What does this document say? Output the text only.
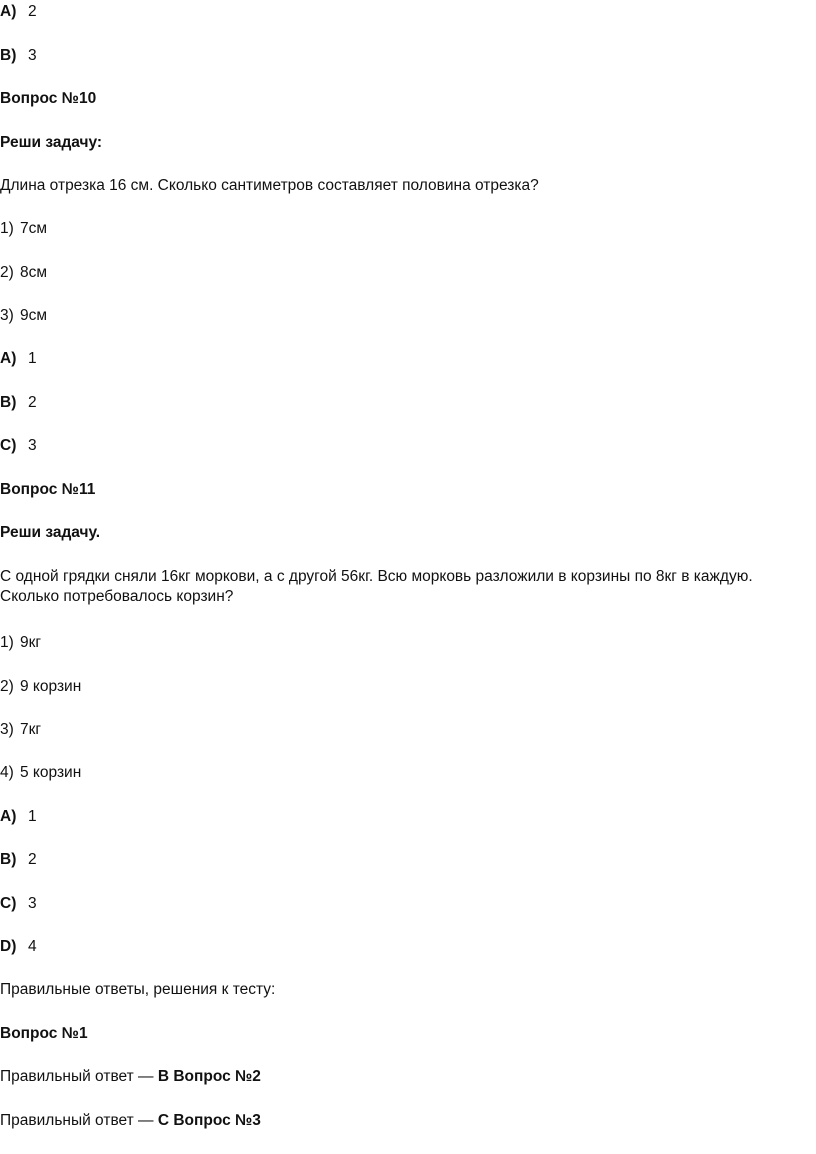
A) 2
B) 3
Вопрос №10
Реши задачу:
Длина отрезка 16 см. Сколько сантиметров составляет половина отрезка?
1) 7см
2) 8см
3) 9см
A) 1
B) 2
C) 3
Вопрос №11
Реши задачу.
С одной грядки сняли 16кг моркови, а с другой 56кг. Всю морковь разложили в корзины по 8кг в каждую. Сколько потребовалось корзин?
1) 9кг
2) 9 корзин
3) 7кг
4) 5 корзин
A) 1
B) 2
C) 3
D) 4
Правильные ответы, решения к тесту:
Вопрос №1
Правильный ответ — B Вопрос №2
Правильный ответ — C Вопрос №3
